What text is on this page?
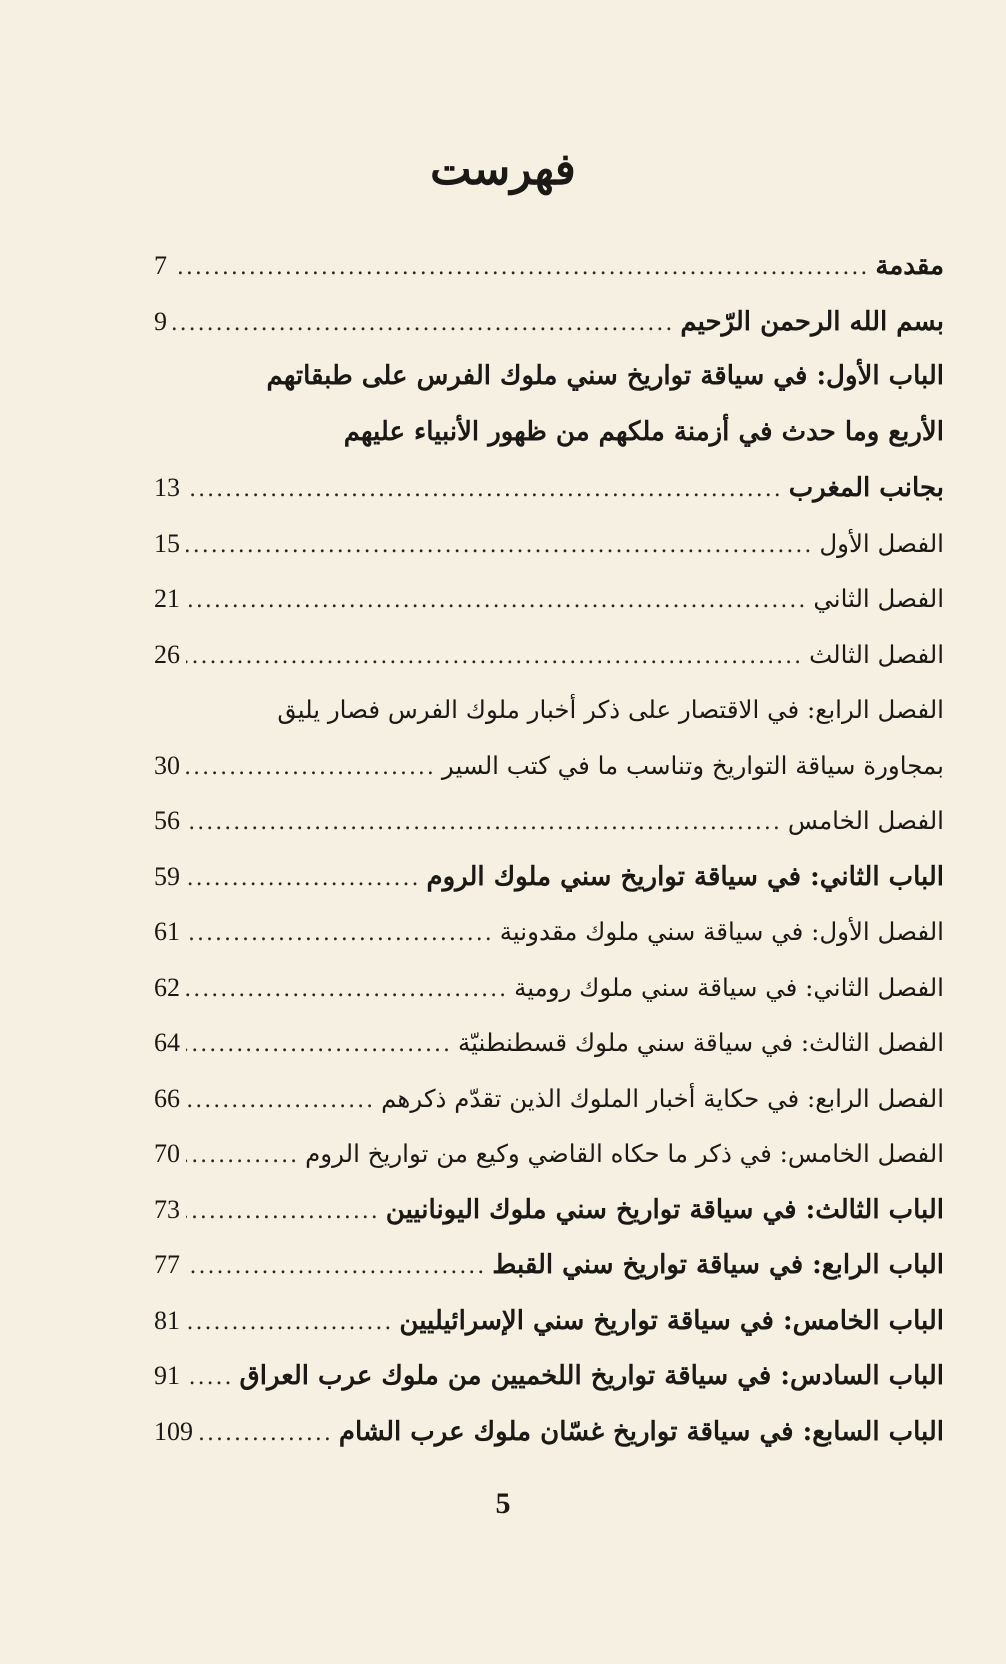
فهرست
مقدمة
.....
7
بسم الله الرحمن الرّحيم
.....
9
الباب الأول: في سياقة تواريخ سني ملوك الفرس على طبقاتهم
الأربع وما حدث في أزمنة ملكهم من ظهور الأنبياء عليهم
بجانب المغرب
.....
13
الفصل الأول
.....
15
الفصل الثاني
.....
21
الفصل الثالث
.....
26
الفصل الرابع: في الاقتصار على ذكر أخبار ملوك الفرس فصار يليق
بمجاورة سياقة التواريخ وتناسب ما في كتب السير
.....
30
الفصل الخامس
.....
56
الباب الثاني: في سياقة تواريخ سني ملوك الروم
.....
59
الفصل الأول: في سياقة سني ملوك مقدونية
.....
61
الفصل الثاني: في سياقة سني ملوك رومية
.....
62
الفصل الثالث: في سياقة سني ملوك قسطنطنيّة
.....
64
الفصل الرابع: في حكاية أخبار الملوك الذين تقدّم ذكرهم
.....
66
الفصل الخامس: في ذكر ما حكاه القاضي وكيع من تواريخ الروم
.....
70
الباب الثالث: في سياقة تواريخ سني ملوك اليونانيين
.....
73
الباب الرابع: في سياقة تواريخ سني القبط
.....
77
الباب الخامس: في سياقة تواريخ سني الإسرائيليين
.....
81
الباب السادس: في سياقة تواريخ اللخميين من ملوك عرب العراق
.....
91
الباب السابع: في سياقة تواريخ غسّان ملوك عرب الشام
.....
109
5
